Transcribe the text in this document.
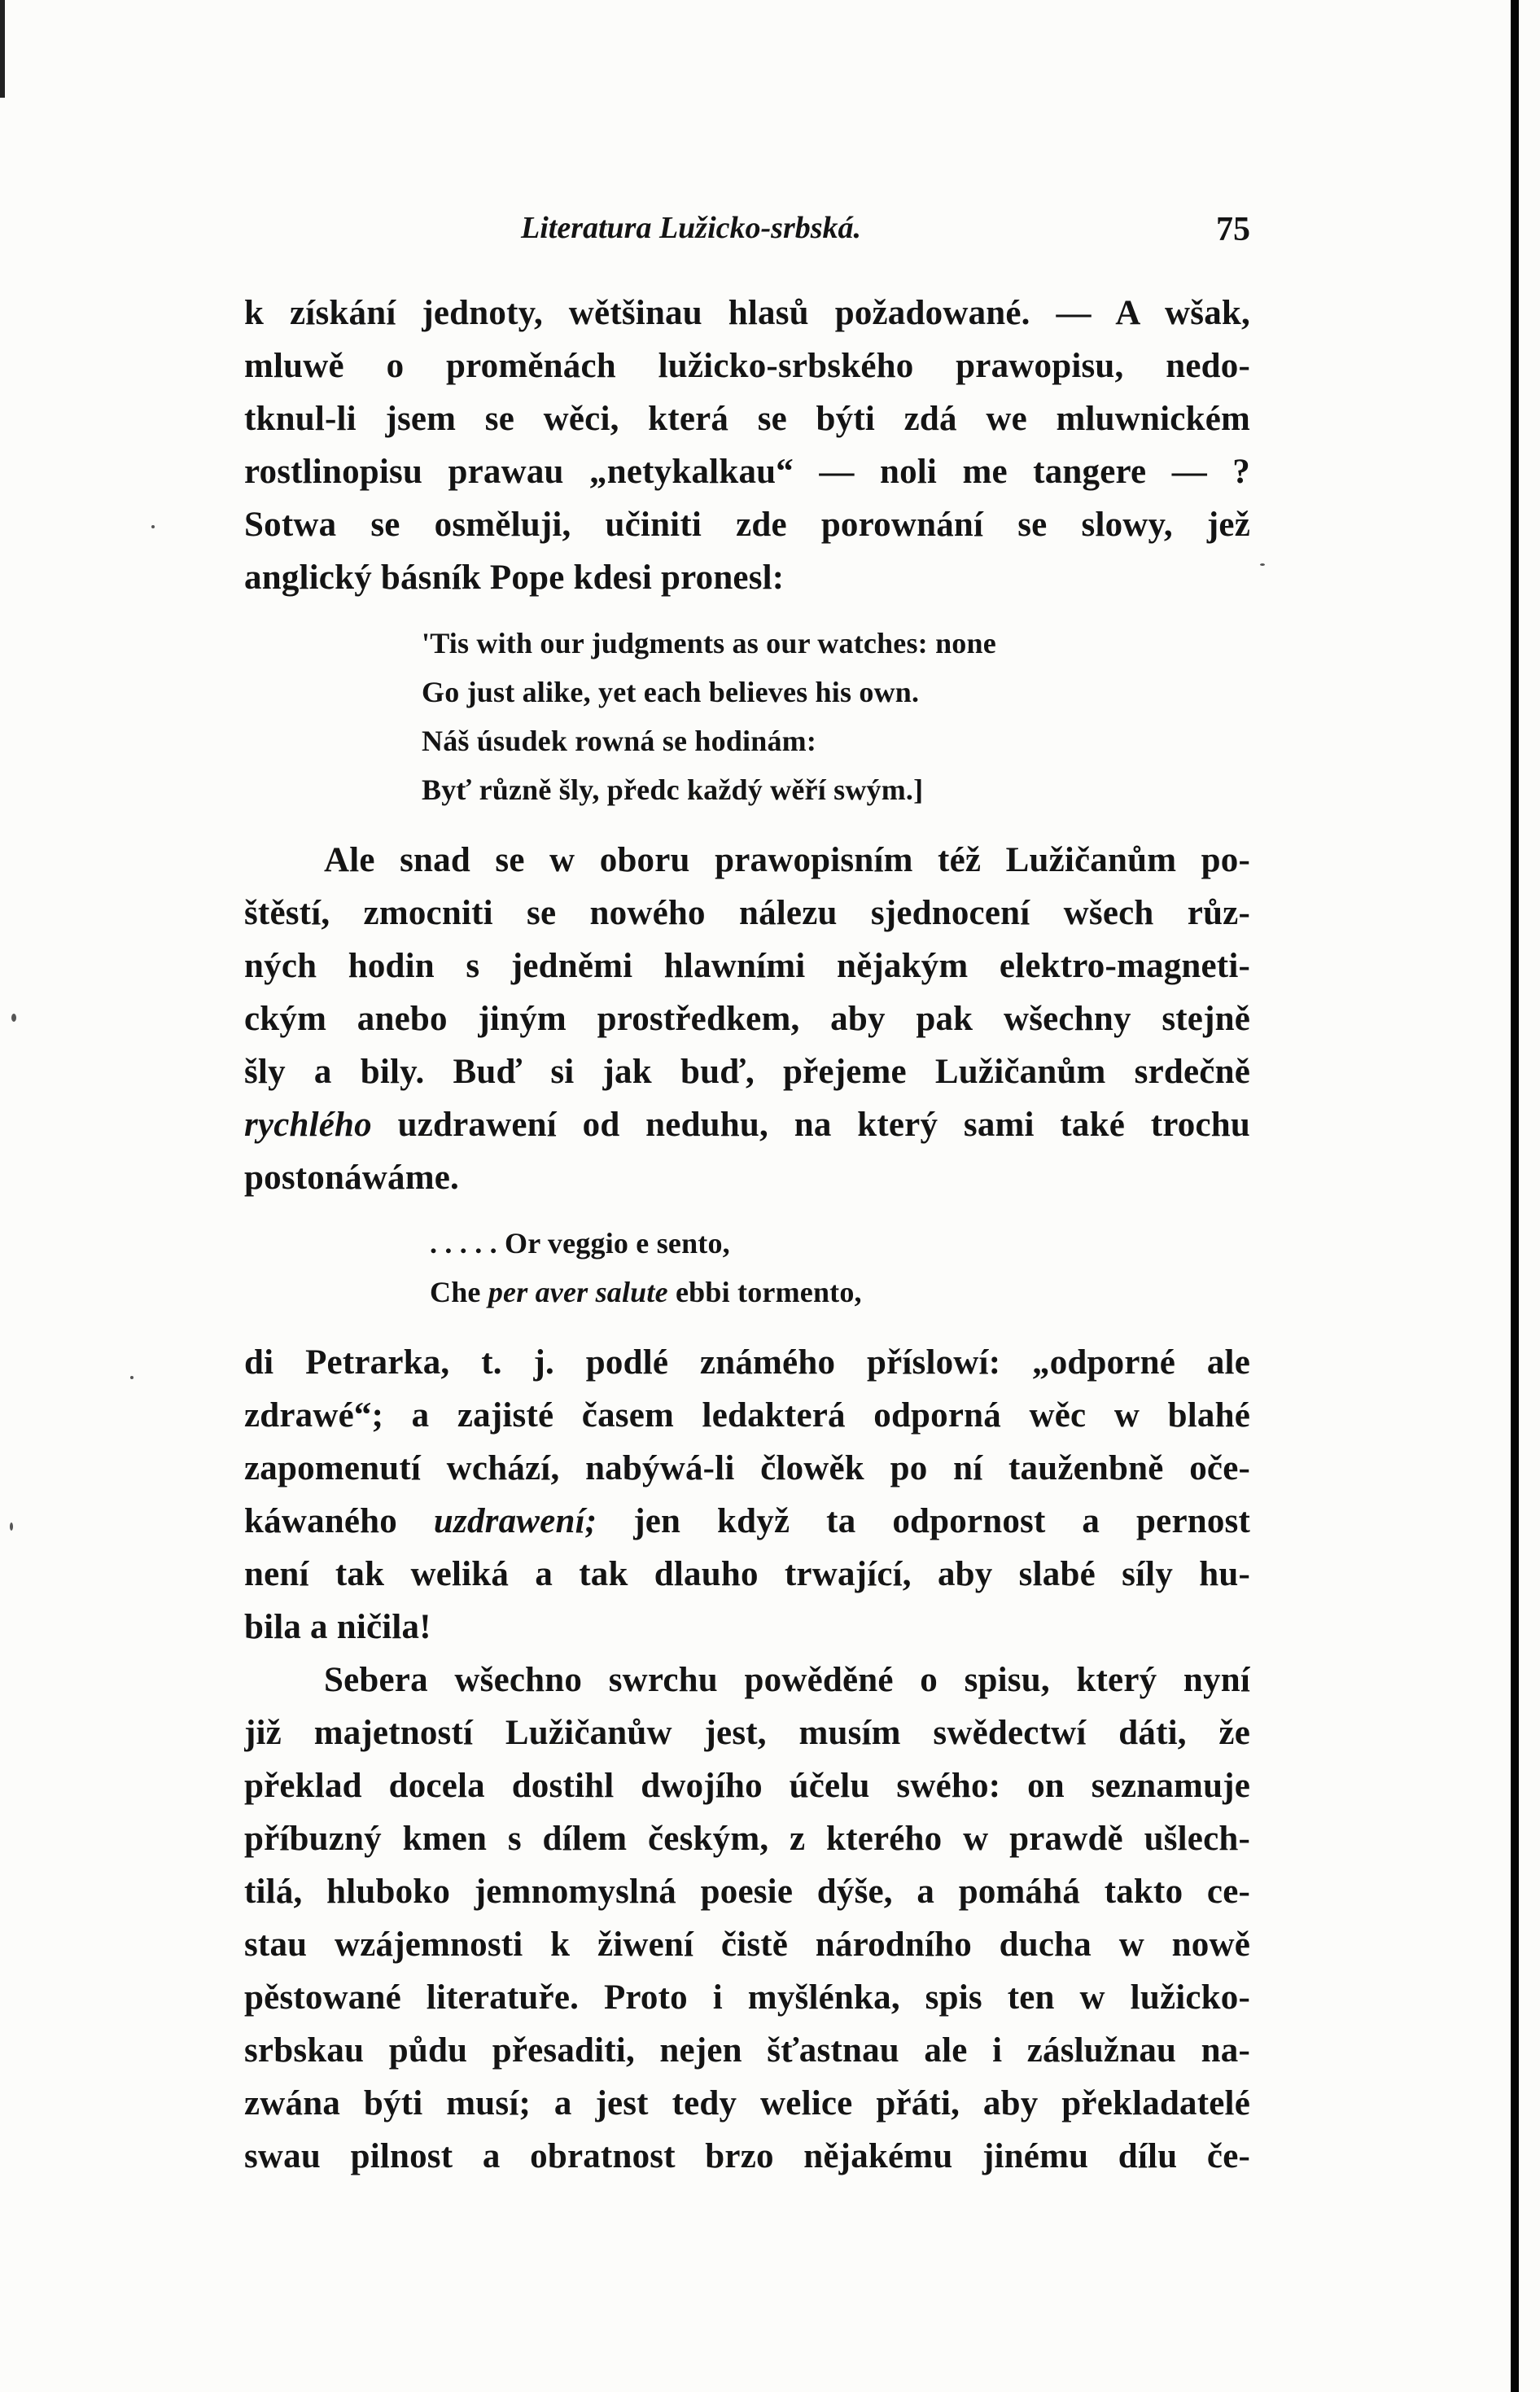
Literatura Lužicko-srbská.	75
k získání jednoty, wětšinau hlasů požadowané. — A wšak,
mluwě o proměnách lužicko-srbského prawopisu, nedo-
tknul-li jsem se wěci, která se býti zdá we mluwnickém
rostlinopisu prawau „netykalkau“ — noli me tangere — ?
Sotwa se osměluji, učiniti zde porownání se slowy, jež
anglický básník Pope kdesi pronesl:
'Tis with our judgments as our watches: none
Go just alike, yet each believes his own.
Náš úsudek rowná se hodinám:
Byť různě šly, předc každý wěří swým.]
Ale snad se w oboru prawopisním též Lužičanům po-
štěstí, zmocniti se nowého nálezu sjednocení wšech růz-
ných hodin s jedněmi hlawními nějakým elektro-magneti-
ckým anebo jiným prostředkem, aby pak wšechny stejně
šly a bily. Buď si jak buď, přejeme Lužičanům srdečně
rychlého uzdrawení od neduhu, na který sami také trochu
postonáwáme.
. . . . . Or veggio e sento,
Che per aver salute ebbi tormento,
di Petrarka, t. j. podlé známého příslowí: „odporné ale
zdrawé“; a zajisté časem ledakterá odporná wěc w blahé
zapomenutí wchází, nabýwá-li člowěk po ní tauženbně oče-
káwaného uzdrawení; jen když ta odpornost a pernost
není tak weliká a tak dlauho trwající, aby slabé síly hu-
bila a ničila!
Sebera wšechno swrchu powěděné o spisu, který nyní
již majetností Lužičanůw jest, musím swědectwí dáti, že
překlad docela dostihl dwojího účelu swého: on seznamuje
příbuzný kmen s dílem českým, z kterého w prawdě ušlech-
tilá, hluboko jemnomyslná poesie dýše, a pomáhá takto ce-
stau wzájemnosti k žiwení čistě národního ducha w nowě
pěstowané literatuře. Proto i myšlénka, spis ten w lužicko-
srbskau půdu přesaditi, nejen šťastnau ale i záslužnau na-
zwána býti musí; a jest tedy welice přáti, aby překladatelé
swau pilnost a obratnost brzo nějakému jinému dílu če-
